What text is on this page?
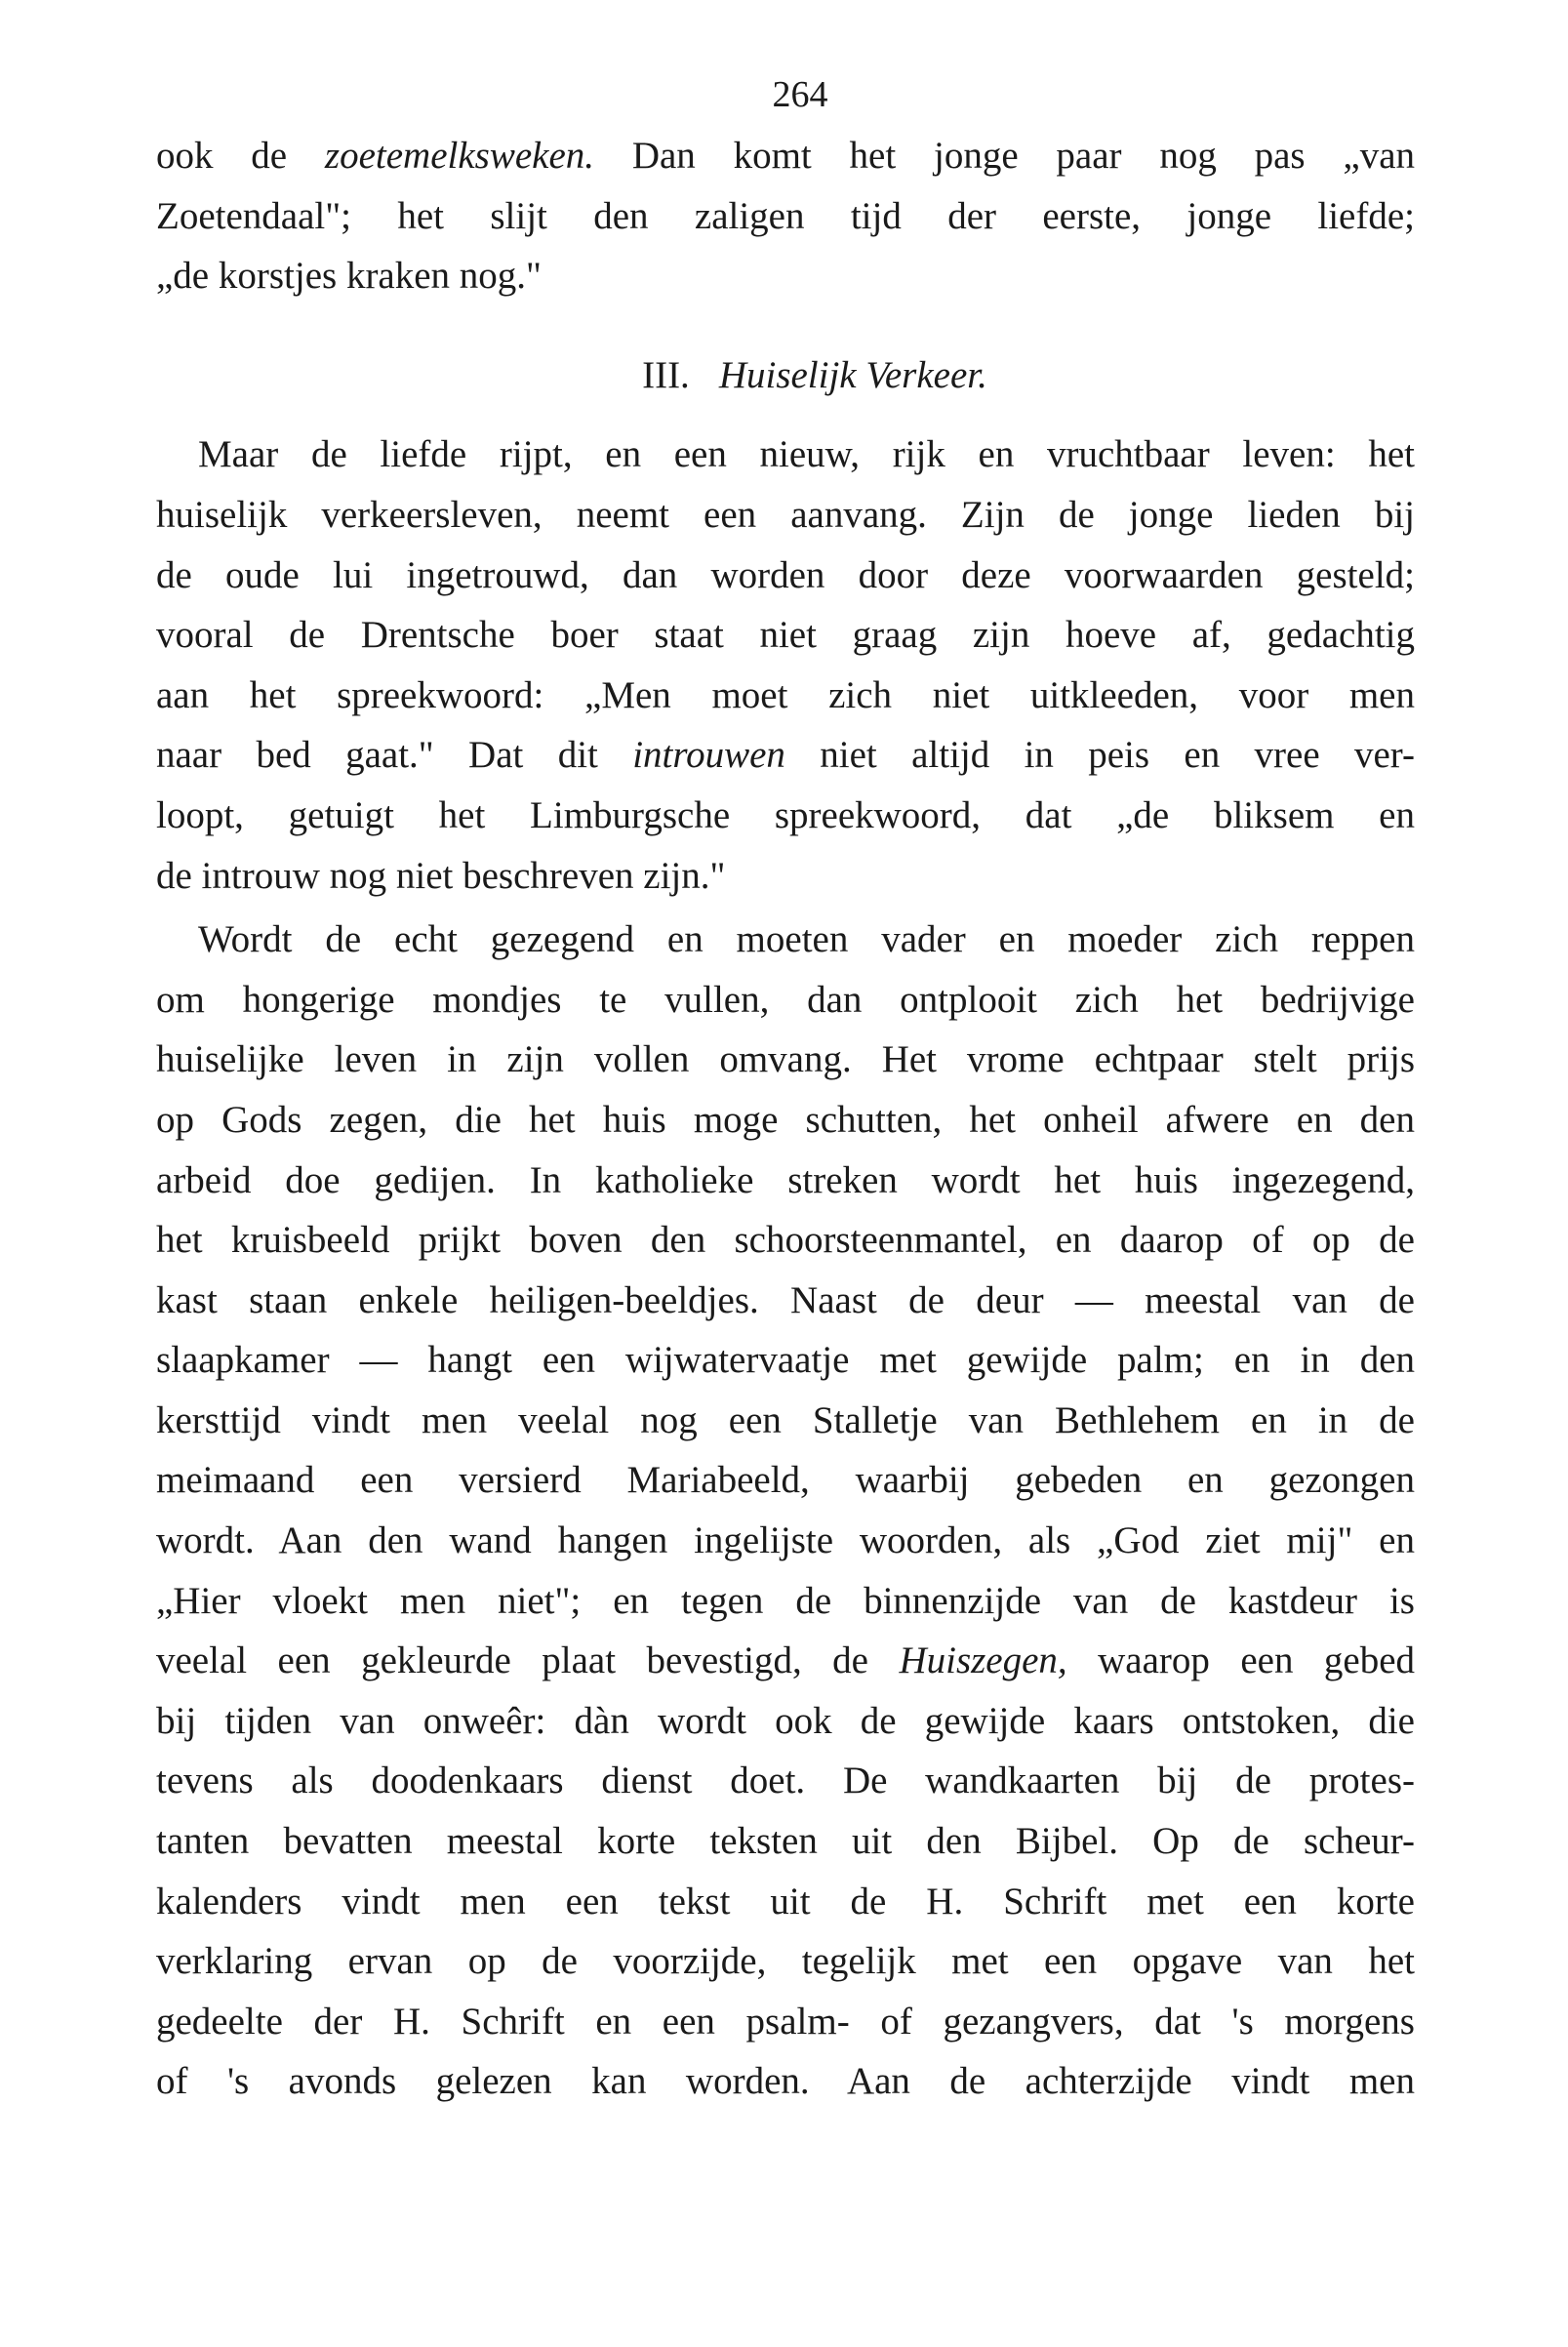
264
ook de zoetemelksweken. Dan komt het jonge paar nog pas „van
Zoetendaal"; het slijt den zaligen tijd der eerste, jonge liefde;
„de korstjes kraken nog."
III. Huiselijk Verkeer.
Maar de liefde rijpt, en een nieuw, rijk en vruchtbaar leven: het
huiselijk verkeersleven, neemt een aanvang. Zijn de jonge lieden bij
de oude lui ingetrouwd, dan worden door deze voorwaarden gesteld;
vooral de Drentsche boer staat niet graag zijn hoeve af, gedachtig
aan het spreekwoord: „Men moet zich niet uitkleeden, voor men
naar bed gaat." Dat dit introuwen niet altijd in peis en vree ver-
loopt, getuigt het Limburgsche spreekwoord, dat „de bliksem en
de introuw nog niet beschreven zijn."
Wordt de echt gezegend en moeten vader en moeder zich reppen
om hongerige mondjes te vullen, dan ontplooit zich het bedrijvige
huiselijke leven in zijn vollen omvang. Het vrome echtpaar stelt prijs
op Gods zegen, die het huis moge schutten, het onheil afwere en den
arbeid doe gedijen. In katholieke streken wordt het huis ingezegend,
het kruisbeeld prijkt boven den schoorsteenmantel, en daarop of op de
kast staan enkele heiligen-beeldjes. Naast de deur — meestal van de
slaapkamer — hangt een wijwatervaatje met gewijde palm; en in den
kersttijd vindt men veelal nog een Stalletje van Bethlehem en in de
meimaand een versierd Mariabeeld, waarbij gebeden en gezongen
wordt. Aan den wand hangen ingelijste woorden, als „God ziet mij" en
„Hier vloekt men niet"; en tegen de binnenzijde van de kastdeur is
veelal een gekleurde plaat bevestigd, de Huiszegen, waarop een gebed
bij tijden van onweêr: dàn wordt ook de gewijde kaars ontstoken, die
tevens als doodenkaars dienst doet. De wandkaarten bij de protes-
tanten bevatten meestal korte teksten uit den Bijbel. Op de scheur-
kalenders vindt men een tekst uit de H. Schrift met een korte
verklaring ervan op de voorzijde, tegelijk met een opgave van het
gedeelte der H. Schrift en een psalm- of gezangvers, dat 's morgens
of 's avonds gelezen kan worden. Aan de achterzijde vindt men
